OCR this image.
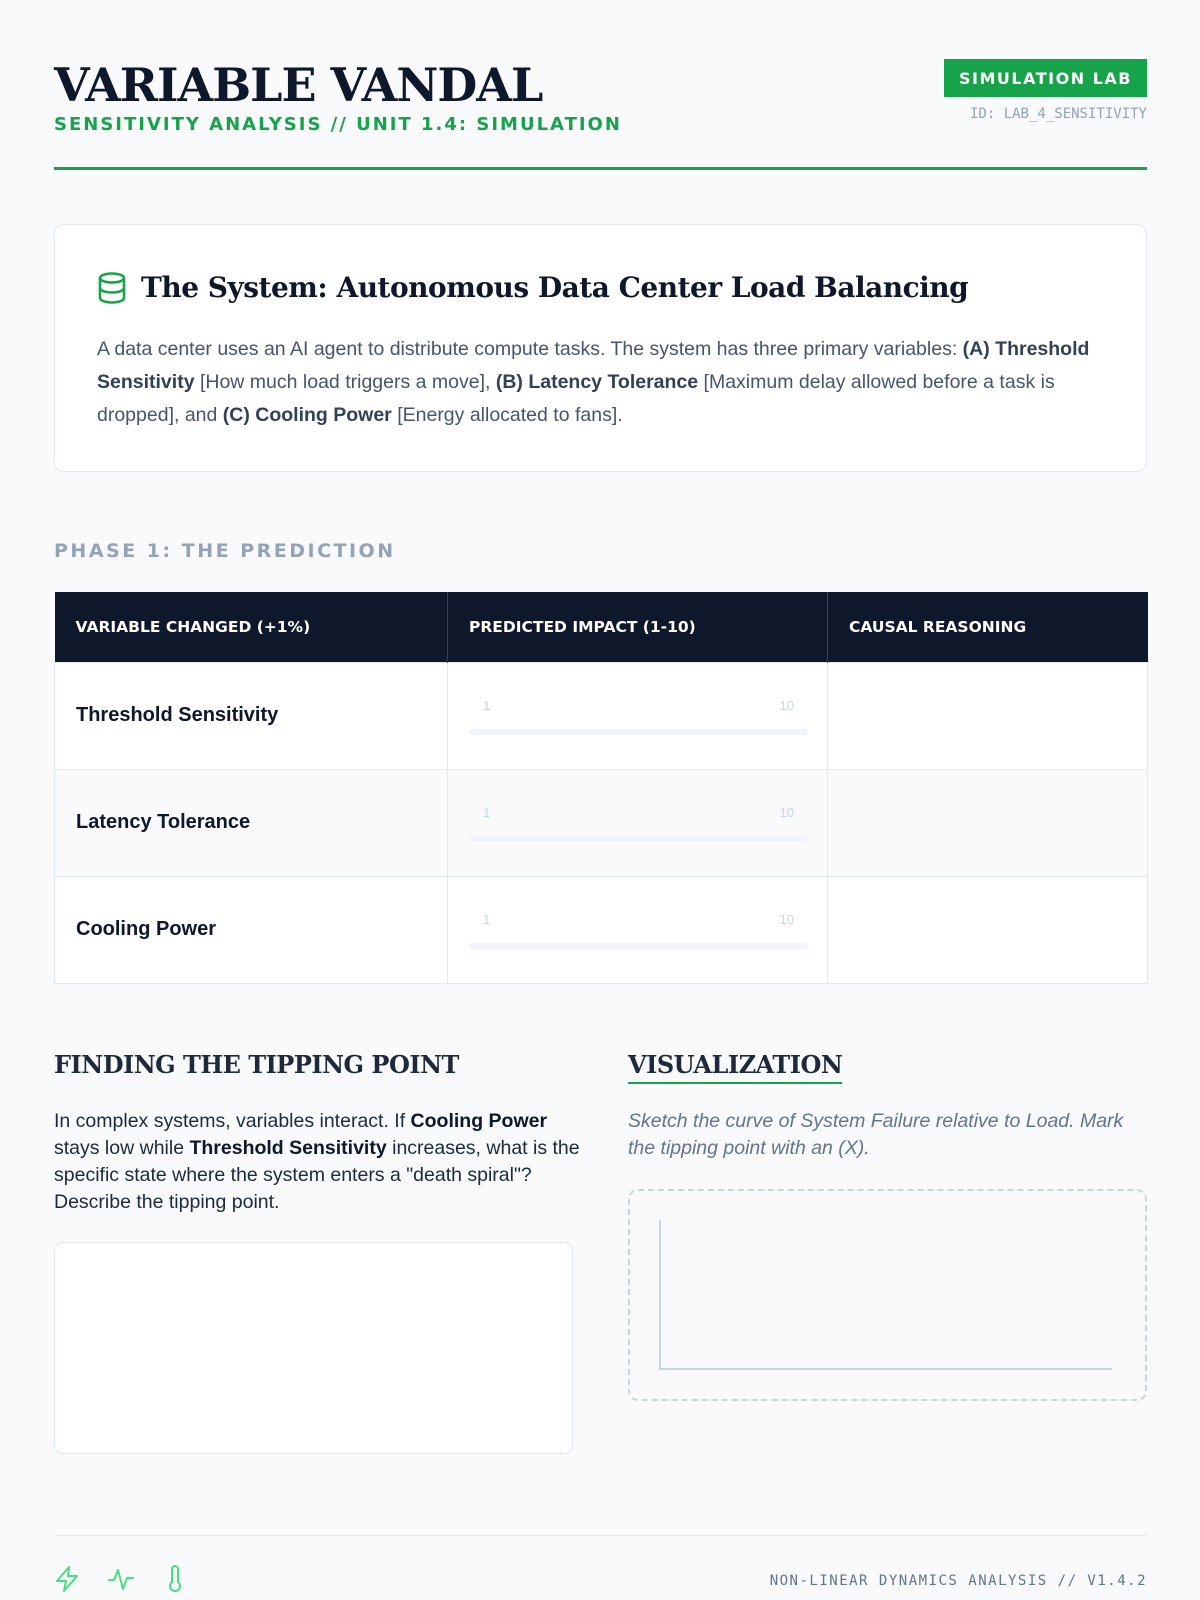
VARIABLE VANDAL
SENSITIVITY ANALYSIS // UNIT 1.4: SIMULATION
SIMULATION LAB
ID: LAB_4_SENSITIVITY
The System: Autonomous Data Center Load Balancing
A data center uses an AI agent to distribute compute tasks. The system has three primary variables: (A) Threshold Sensitivity [How much load triggers a move], (B) Latency Tolerance [Maximum delay allowed before a task is dropped], and (C) Cooling Power [Energy allocated to fans].
PHASE 1: THE PREDICTION
VARIABLE CHANGED (+1%)	PREDICTED IMPACT (1-10)	CAUSAL REASONING
Threshold Sensitivity	1 10	

Latency Tolerance	1 10	

Cooling Power	1 10	

FINDING THE TIPPING POINT
In complex systems, variables interact. If Cooling Power stays low while Threshold Sensitivity increases, what is the specific state where the system enters a "death spiral"? Describe the tipping point.
VISUALIZATION
Sketch the curve of System Failure relative to Load. Mark the tipping point with an (X).
NON-LINEAR DYNAMICS ANALYSIS // V1.4.2
